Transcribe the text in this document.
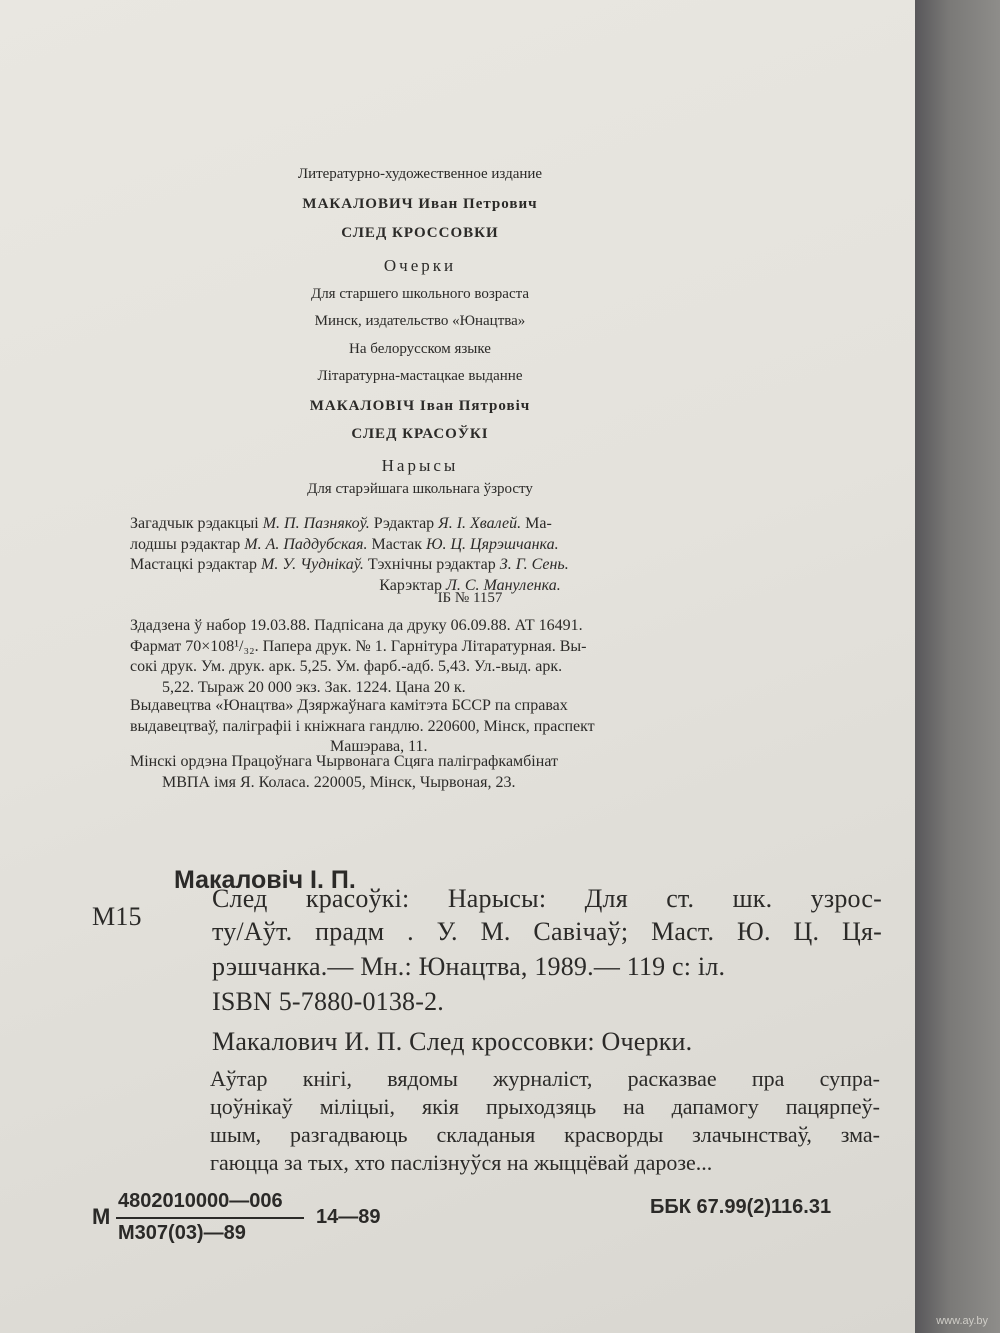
Литературно-художественное издание
МАКАЛОВИЧ Иван Петрович
СЛЕД КРОССОВКИ
Очерки
Для старшего школьного возраста
Минск, издательство «Юнацтва»
На белорусском языке
Літаратурна-мастацкае выданне
МАКАЛОВІЧ Іван Пятровіч
СЛЕД КРАСОЎКІ
Нарысы
Для старэйшага школьнага ўзросту

Загадчык рэдакцыі М. П. Пазнякоў. Рэдактар Я. І. Хвалей. Ма-

лодшы рэдактар М. А. Паддубская. Мастак Ю. Ц. Цярэшчанка.

Мастацкі рэдактар М. У. Чуднікаў. Тэхнічны рэдактар З. Г. Сень.

Карэктар Л. С. Мануленка.

ІБ № 1157

Здадзена ў набор 19.03.88. Падпісана да друку 06.09.88. АТ 16491.

Фармат 70×108¹/₃₂. Папера друк. № 1. Гарнітура Літаратурная. Вы-

сокі друк. Ум. друк. арк. 5,25. Ум. фарб.-адб. 5,43. Ул.-выд. арк.

5,22. Тыраж 20 000 экз. Зак. 1224. Цана 20 к.

Выдавецтва «Юнацтва» Дзяржаўнага камітэта БССР па справах

выдавецтваў, паліграфіі і кніжнага гандлю. 220600, Мінск, праспект

Машэрава, 11.

Мінскі ордэна Працоўнага Чырвонага Сцяга паліграфкамбінат

МВПА імя Я. Коласа. 220005, Мінск, Чырвоная, 23.

Макаловіч І. П.
М15
След красоўкі: Нарысы: Для ст. шк. узрос-
ту/Аўт. прадм . У. М. Савічаў; Маст. Ю. Ц. Ця-
рэшчанка.— Мн.: Юнацтва, 1989.— 119 с: іл.
ISBN 5-7880-0138-2.
Макалович И. П. След кроссовки: Очерки.

Аўтар кнігі, вядомы журналіст, расказвае пра супра-

цоўнікаў міліцыі, якія прыходзяць на дапамогу пацярпеў-

шым, разгадваюць складаныя красворды злачынстваў, зма-

гаюцца за тых, хто паслізнуўся на жыццёвай дарозе...

М
4802010000—006
М307(03)—89
14—89	ББК 67.99(2)116.31
www.ay.by
